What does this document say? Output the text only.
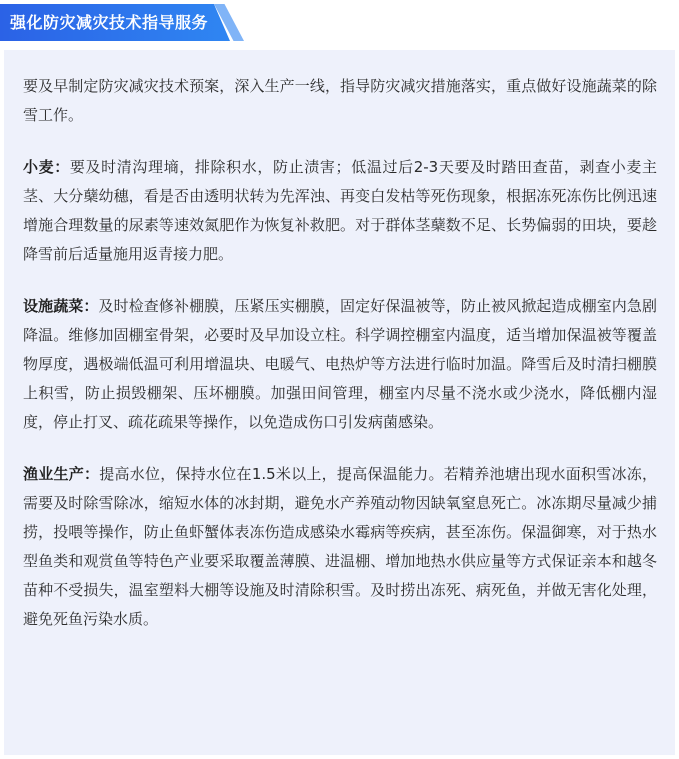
强化防灾减灾技术指导服务

要及早制定防灾减灾技术预案，深入生产一线，指导防灾减灾措施落实，重点做好设施蔬菜的除雪工作。

小麦：要及时清沟理墒，排除积水，防止渍害；低温过后2-3天要及时踏田查苗，剥查小麦主茎、大分蘖幼穗，看是否由透明状转为先浑浊、再变白发枯等死伤现象，根据冻死冻伤比例迅速增施合理数量的尿素等速效氮肥作为恢复补救肥。对于群体茎蘖数不足、长势偏弱的田块，要趁降雪前后适量施用返青接力肥。

设施蔬菜：及时检查修补棚膜，压紧压实棚膜，固定好保温被等，防止被风掀起造成棚室内急剧降温。维修加固棚室骨架，必要时及早加设立柱。科学调控棚室内温度，适当增加保温被等覆盖物厚度，遇极端低温可利用增温块、电暖气、电热炉等方法进行临时加温。降雪后及时清扫棚膜上积雪，防止损毁棚架、压坏棚膜。加强田间管理，棚室内尽量不浇水或少浇水，降低棚内湿度，停止打叉、疏花疏果等操作，以免造成伤口引发病菌感染。

渔业生产：提高水位，保持水位在1.5米以上，提高保温能力。若精养池塘出现水面积雪冰冻，需要及时除雪除冰，缩短水体的冰封期，避免水产养殖动物因缺氧窒息死亡。冰冻期尽量减少捕捞，投喂等操作，防止鱼虾蟹体表冻伤造成感染水霉病等疾病，甚至冻伤。保温御寒，对于热水型鱼类和观赏鱼等特色产业要采取覆盖薄膜、进温棚、增加地热水供应量等方式保证亲本和越冬苗种不受损失，温室塑料大棚等设施及时清除积雪。及时捞出冻死、病死鱼，并做无害化处理，避免死鱼污染水质。
